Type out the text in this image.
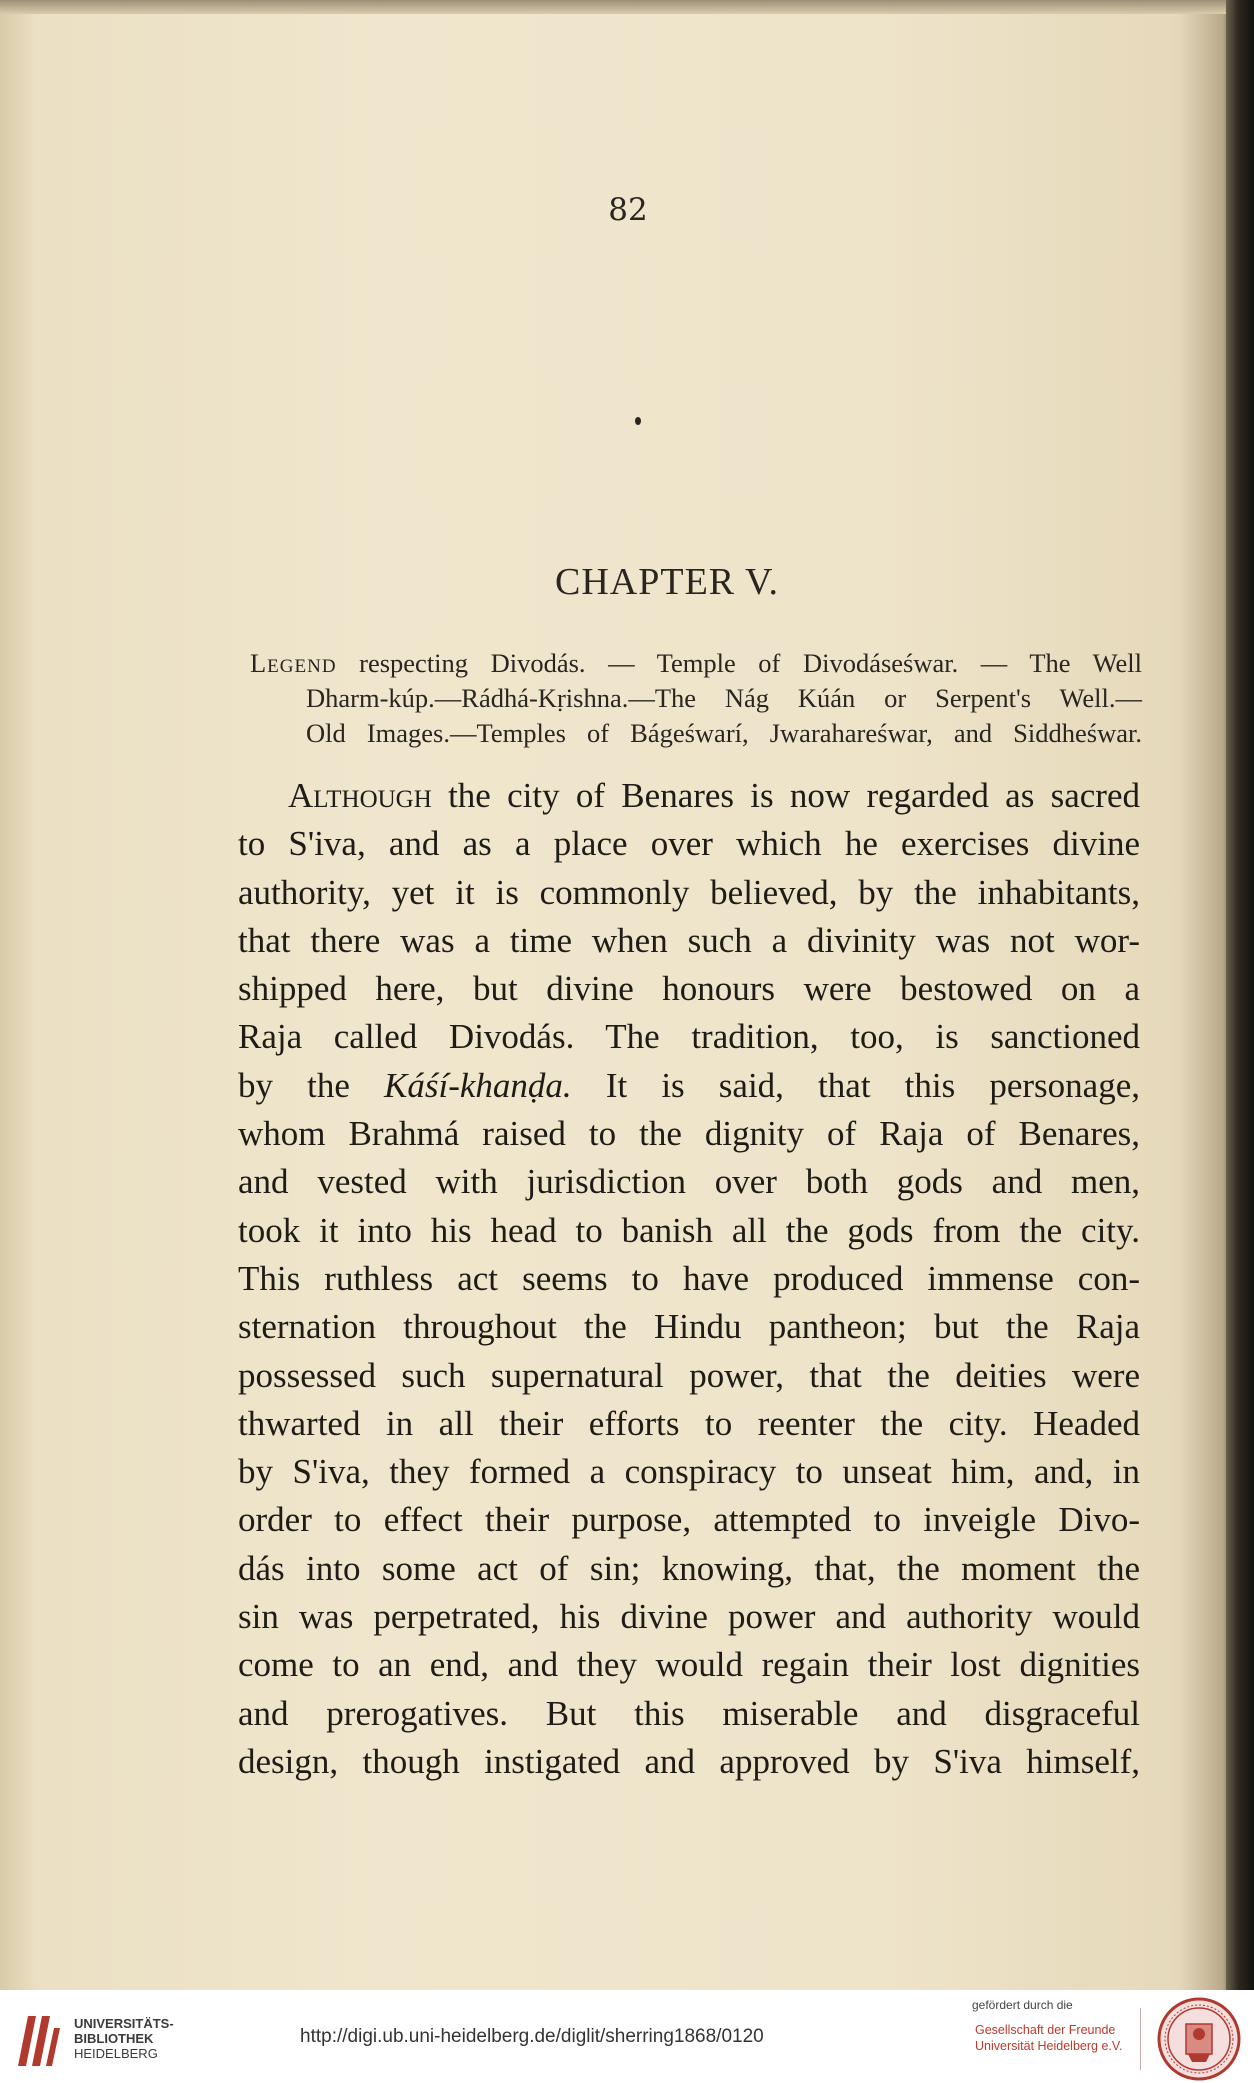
82
CHAPTER V.
Legend respecting Divodás. — Temple of Divodáseśwar. — The Well
Dharm-kúp.—Rádhá-Kṛishna.—The Nág Kúán or Serpent's Well.—
Old Images.—Temples of Bágeśwarí, Jwarahareśwar, and Siddheśwar.
Although the city of Benares is now regarded as sacred
to S'iva, and as a place over which he exercises divine
authority, yet it is commonly believed, by the inhabitants,
that there was a time when such a divinity was not wor-
shipped here, but divine honours were bestowed on a
Raja called Divodás. The tradition, too, is sanctioned
by the Káśí-khanḍa. It is said, that this personage,
whom Brahmá raised to the dignity of Raja of Benares,
and vested with jurisdiction over both gods and men,
took it into his head to banish all the gods from the city.
This ruthless act seems to have produced immense con-
sternation throughout the Hindu pantheon; but the Raja
possessed such supernatural power, that the deities were
thwarted in all their efforts to reenter the city. Headed
by S'iva, they formed a conspiracy to unseat him, and, in
order to effect their purpose, attempted to inveigle Divo-
dás into some act of sin; knowing, that, the moment the
sin was perpetrated, his divine power and authority would
come to an end, and they would regain their lost dignities
and prerogatives. But this miserable and disgraceful
design, though instigated and approved by S'iva himself,
UNIVERSITÄTS-
BIBLIOTHEK
HEIDELBERG
http://digi.ub.uni-heidelberg.de/diglit/sherring1868/0120
gefördert durch die
Gesellschaft der Freunde
Universität Heidelberg e.V.
